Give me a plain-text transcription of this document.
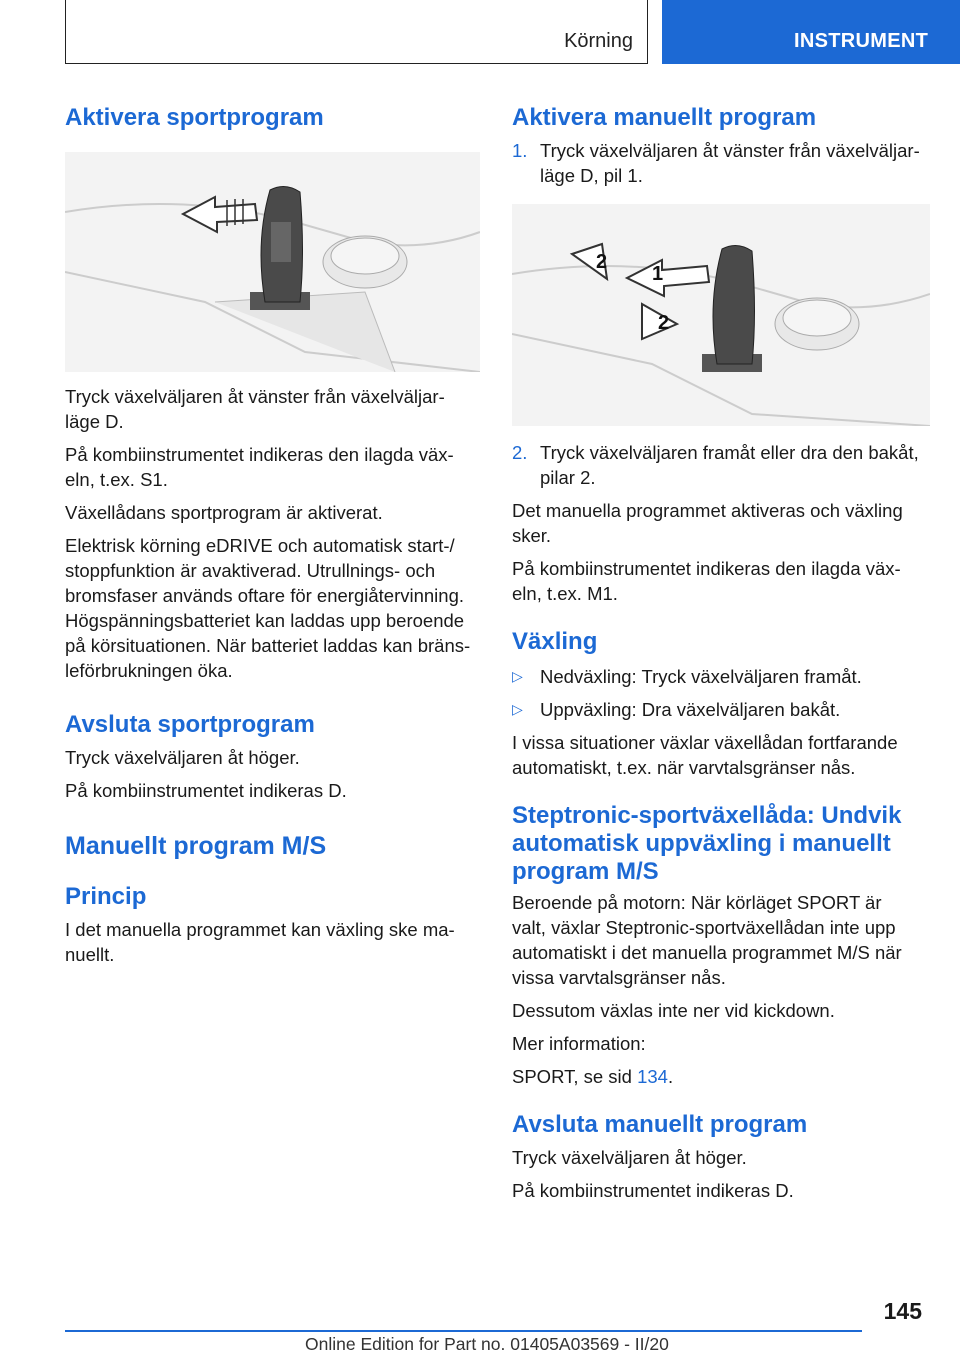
Körning	INSTRUMENT
Aktivera sportprogram

Tryck växelväljaren åt vänster från växelväljar-
läge D.

På kombiinstrumentet indikeras den ilagda väx-
eln, t.ex. S1.

Växellådans sportprogram är aktiverat.

Elektrisk körning eDRIVE och automatisk start-/
stoppfunktion är avaktiverad. Utrullnings- och
bromsfaser används oftare för energiåtervinning.
Högspänningsbatteriet kan laddas upp beroende
på körsituationen. När batteriet laddas kan bräns-
leförbrukningen öka.

Avsluta sportprogram

Tryck växelväljaren åt höger.

På kombiinstrumentet indikeras D.

Manuellt program M/S
Princip

I det manuella programmet kan växling ske ma-
nuellt.

Aktivera manuellt program
1. Tryck växelväljaren åt vänster från växelväljar-
läge D, pil 1.
1
2
2
2. Tryck växelväljaren framåt eller dra den bakåt,
pilar 2.

Det manuella programmet aktiveras och växling
sker.

På kombiinstrumentet indikeras den ilagda väx-
eln, t.ex. M1.

Växling
▷ Nedväxling: Tryck växelväljaren framåt.
▷ Uppväxling: Dra växelväljaren bakåt.

I vissa situationer växlar växellådan fortfarande
automatiskt, t.ex. när varvtalsgränser nås.

Steptronic-sportväxellåda: Undvik
automatisk uppväxling i manuellt
program M/S

Beroende på motorn: När körläget SPORT är
valt, växlar Steptronic-sportväxellådan inte upp
automatiskt i det manuella programmet M/S när
vissa varvtalsgränser nås.

Dessutom växlas inte ner vid kickdown.

Mer information:

SPORT, se sid 134.

Avsluta manuellt program

Tryck växelväljaren åt höger.

På kombiinstrumentet indikeras D.

145
Online Edition for Part no. 01405A03569 - II/20
